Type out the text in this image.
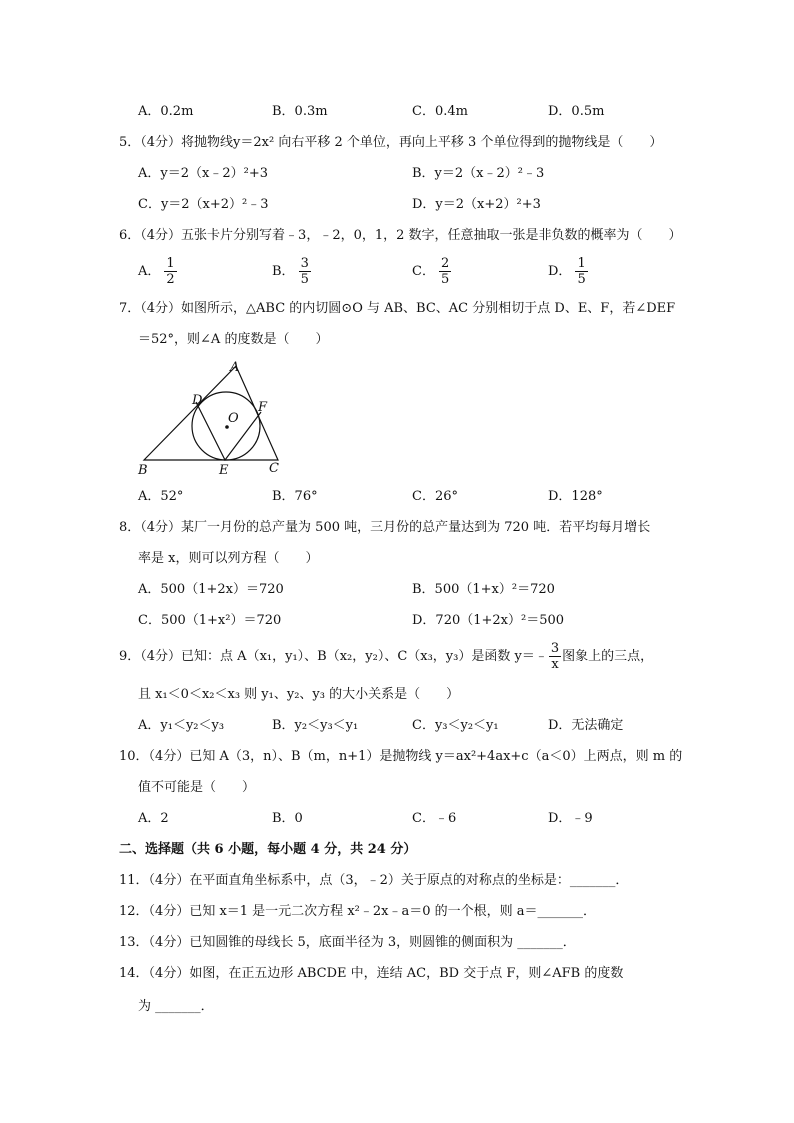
A．0.2m	B．0.3m	C．0.4m	D．0.5m
5．（4分）将抛物线y＝2x² 向右平移 2 个单位，再向上平移 3 个单位得到的抛物线是（　　）
A．y＝2（x﹣2）²+3	B．y＝2（x﹣2）²﹣3
C．y＝2（x+2）²﹣3	D．y＝2（x+2）²+3
6．（4分）五张卡片分别写着﹣3，﹣2，0，1，2 数字，任意抽取一张是非负数的概率为（　　）
A． $\frac{1}{2}$	B． $\frac{3}{5}$	C． $\frac{2}{5}$	D． $\frac{1}{5}$
7．（4分）如图所示，△ABC 的内切圆⊙O 与 AB、BC、AC 分别相切于点 D、E、F，若∠DEF
＝52°，则∠A 的度数是（　　）
A
B	C
D
E
F
O
A．52°	B．76°	C．26°	D．128°
8．（4分）某厂一月份的总产量为 500 吨，三月份的总产量达到为 720 吨．若平均每月增长
率是 x，则可以列方程（　　）
A．500（1+2x）＝720	B．500（1+x）²＝720
C．500（1+x²）＝720	D．720（1+2x）²＝500
9．（4分）已知：点 A（x₁，y₁）、B（x₂，y₂）、C（x₃，y₃）是函数 y＝﹣ $\frac{3}{x}$ 图象上的三点，
且 x₁＜0＜x₂＜x₃ 则 y₁、y₂、y₃ 的大小关系是（　　）
A．y₁＜y₂＜y₃	B．y₂＜y₃＜y₁	C．y₃＜y₂＜y₁	D．无法确定
10．（4分）已知 A（3，n）、B（m，n+1）是抛物线 y＝ax²+4ax+c（a＜0）上两点，则 m 的
值不可能是（　　）
A．2	B．0	C．﹣6	D．﹣9
二、选择题（共 6 小题，每小题 4 分，共 24 分）
11．（4分）在平面直角坐标系中，点（3，﹣2）关于原点的对称点的坐标是：_______．
12．（4分）已知 x＝1 是一元二次方程 x²﹣2x﹣a＝0 的一个根，则 a＝_______．
13．（4分）已知圆锥的母线长 5，底面半径为 3，则圆锥的侧面积为 _______．
14．（4分）如图，在正五边形 ABCDE 中，连结 AC，BD 交于点 F，则∠AFB 的度数
为 _______．
